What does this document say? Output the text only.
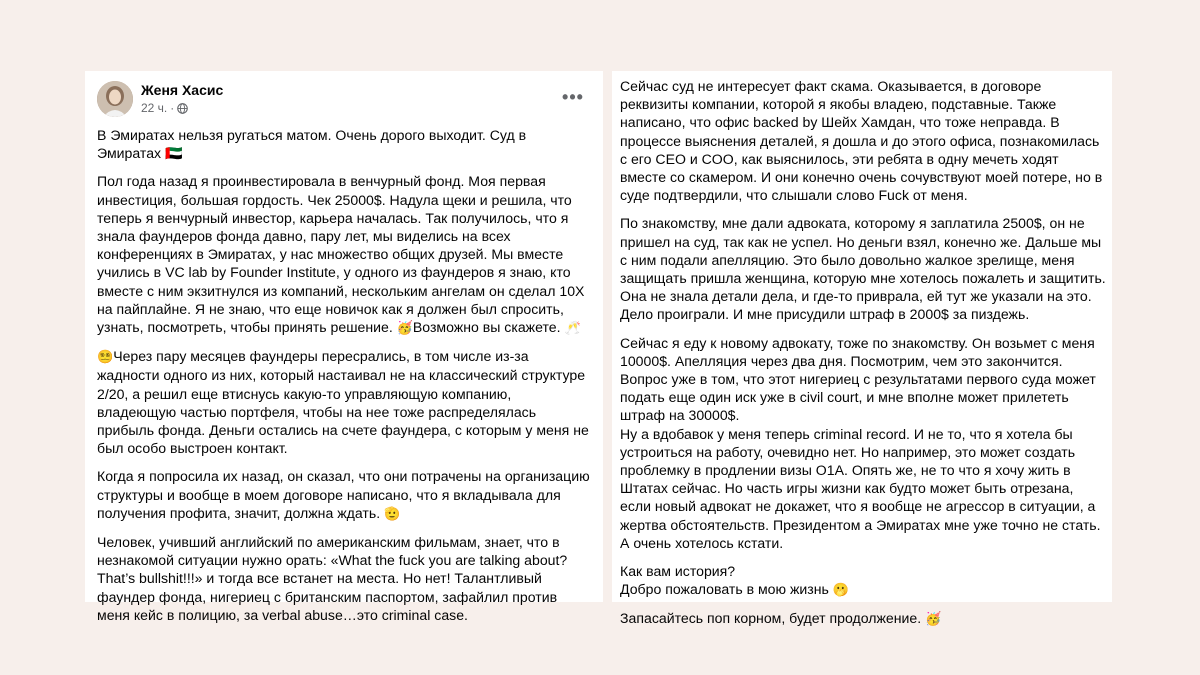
Женя Хасис
22 ч. ·
•••

В Эмиратах нельзя ругаться матом. Очень дорого выходит. Суд в Эмиратах 🇦🇪

Пол года назад я проинвестировала в венчурный фонд. Моя первая инвестиция, большая гордость. Чек 25000$. Надула щеки и решила, что теперь я венчурный инвестор, карьера началась. Так получилось, что я знала фаундеров фонда давно, пару лет, мы виделись на всех конференциях в Эмиратах, у нас множество общих друзей. Мы вместе учились в VC lab by Founder Institute, у одного из фаундеров я знаю, кто вместе с ним экзитнулся из компаний, нескольким ангелам он сделал 10X на пайплайне. Я не знаю, что еще новичок как я должен был спросить, узнать, посмотреть, чтобы принять решение. 🥳Возможно вы скажете. 🥂

😵‍💫Через пару месяцев фаундеры пересрались, в том числе из-за жадности одного из них, который настаивал не на классический структуре 2/20, а решил еще втиснусь какую-то управляющую компанию, владеющую частью портфеля, чтобы на нее тоже распределялась прибыль фонда. Деньги остались на счете фаундера, с которым у меня не был особо выстроен контакт.

Когда я попросила их назад, он сказал, что они потрачены на организацию структуры и вообще в моем договоре написано, что я вкладывала для получения профита, значит, должна ждать. 🫡

Человек, учивший английский по американским фильмам, знает, что в незнакомой ситуации нужно орать: «What the fuck you are talking about? That’s bullshit!!!» и тогда все встанет на места. Но нет! Талантливый фаундер фонда, нигериец с британским паспортом, зафайлил против меня кейс в полицию, за verbal abuse…это criminal case.

Сейчас суд не интересует факт скама. Оказывается, в договоре реквизиты компании, которой я якобы владею, подставные. Также написано, что офис backed by Шейх Хамдан, что тоже неправда. В процессе выяснения деталей, я дошла и до этого офиса, познакомилась с его CEO и COO, как выяснилось, эти ребята в одну мечеть ходят вместе со скамером. И они конечно очень сочувствуют моей потере, но в суде подтвердили, что слышали слово Fuck от меня.

По знакомству, мне дали адвоката, которому я заплатила 2500$, он не пришел на суд, так как не успел. Но деньги взял, конечно же. Дальше мы с ним подали апелляцию. Это было довольно жалкое зрелище, меня защищать пришла женщина, которую мне хотелось пожалеть и защитить. Она не знала детали дела, и где-то приврала, ей тут же указали на это. Дело проиграли. И мне присудили штраф в 2000$ за пиздежь.

Сейчас я еду к новому адвокату, тоже по знакомству. Он возьмет с меня 10000$. Апелляция через два дня. Посмотрим, чем это закончится. Вопрос уже в том, что этот нигериец с результатами первого суда может подать еще один иск уже в civil court, и мне вполне может прилететь штраф на 30000$.

Ну а вдобавок у меня теперь criminal record. И не то, что я хотела бы устроиться на работу, очевидно нет. Но например, это может создать проблемку в продлении визы О1А. Опять же, не то что я хочу жить в Штатах сейчас. Но часть игры жизни как будто может быть отрезана, если новый адвокат не докажет, что я вообще не агрессор в ситуации, а жертва обстоятельств. Президентом а Эмиратах мне уже точно не стать. А очень хотелось кстати.

Как вам история?

Добро пожаловать в мою жизнь 🫢

Запасайтесь поп корном, будет продолжение. 🥳
